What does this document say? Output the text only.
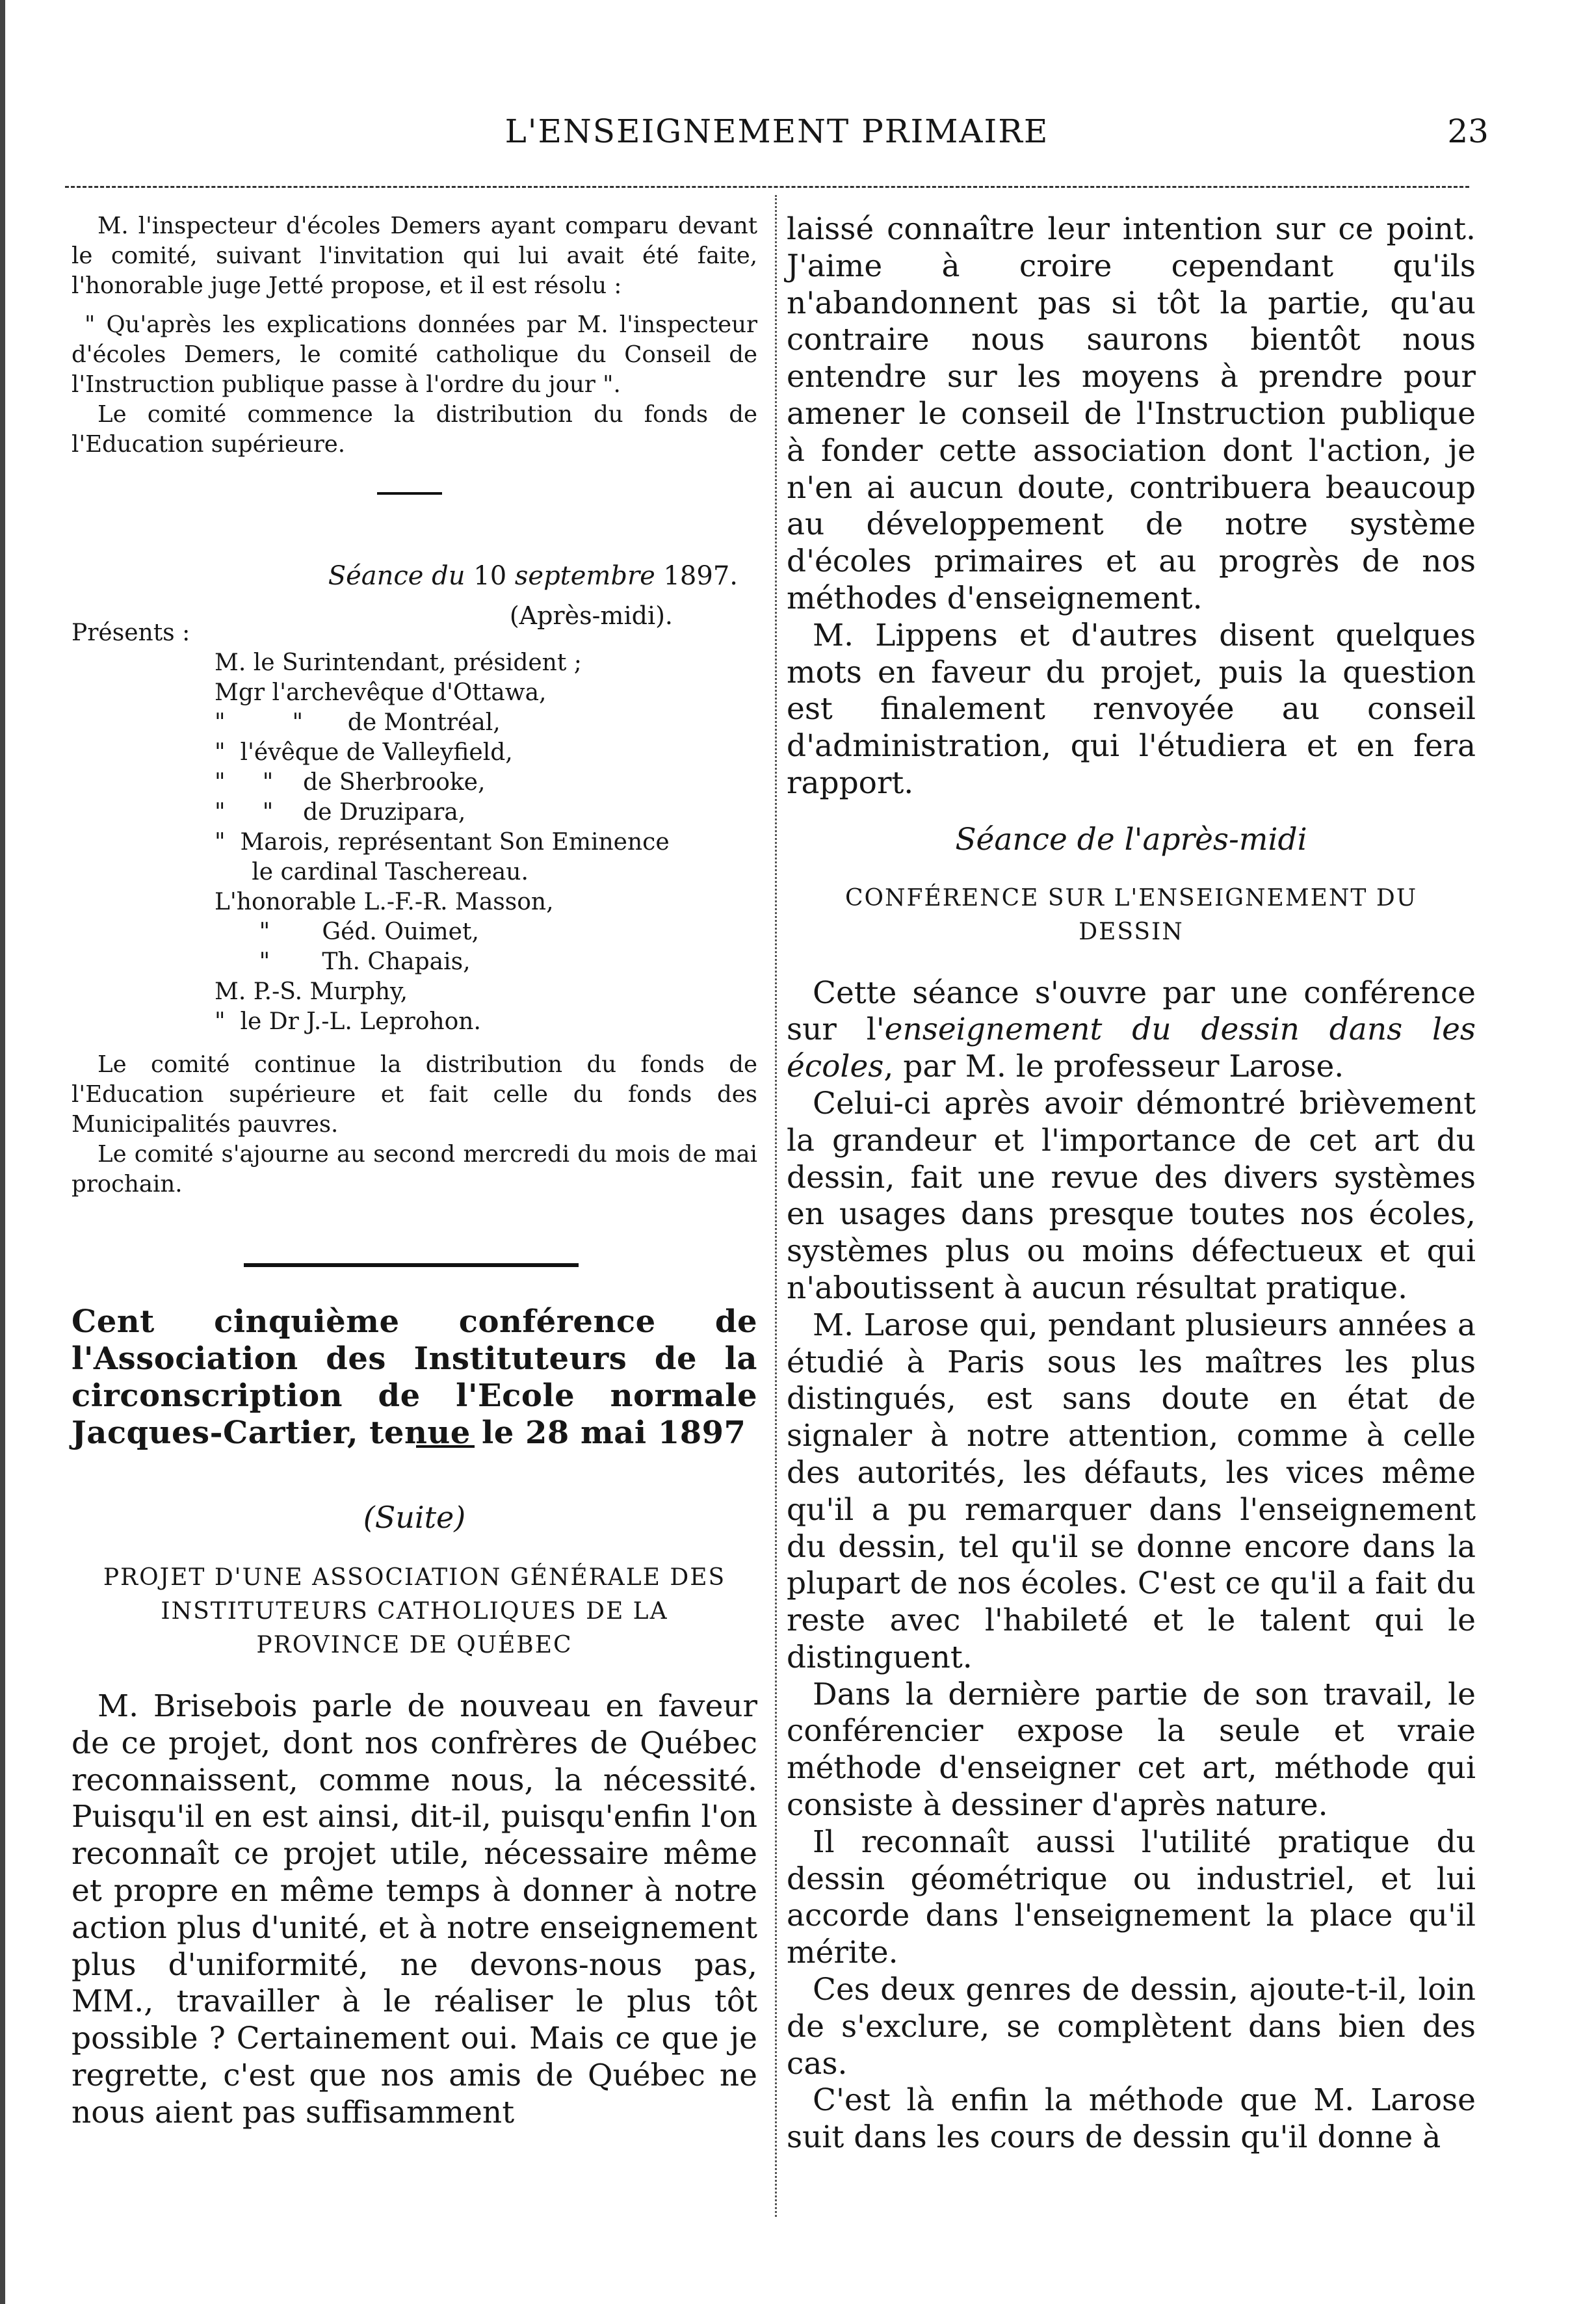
L'ENSEIGNEMENT PRIMAIRE	23

M. l'inspecteur d'écoles Demers ayant comparu devant le comité, suivant l'invitation qui lui avait été faite, l'honorable juge Jetté propose, et il est résolu :

" Qu'après les explications données par M. l'inspecteur d'écoles Demers, le comité catholique du Conseil de l'Instruction publique passe à l'ordre du jour ".

Le comité commence la distribution du fonds de l'Education supérieure.

Séance du 10 septembre 1897.

(Après-midi).

Présents :

M. le Surintendant, président ;
Mgr l'archevêque d'Ottawa,
"         "      de Montréal,
"  l'évêque de Valleyfield,
"     "    de Sherbrooke,
"     "    de Druzipara,
"  Marois, représentant Son Eminence
le cardinal Taschereau.
L'honorable L.-F.-R. Masson,
"       Géd. Ouimet,
"       Th. Chapais,
M. P.-S. Murphy,
"  le Dr J.-L. Leprohon.

Le comité continue la distribution du fonds de l'Education supérieure et fait celle du fonds des Municipalités pauvres.

Le comité s'ajourne au second mercredi du mois de mai prochain.

Cent cinquième conférence de l'Association des Instituteurs de la circonscription de l'Ecole normale Jacques-Cartier, tenue le 28 mai 1897

(Suite)

PROJET D'UNE ASSOCIATION GÉNÉRALE DES
INSTITUTEURS CATHOLIQUES DE LA
PROVINCE DE QUÉBEC

M. Brisebois parle de nouveau en faveur de ce projet, dont nos confrères de Québec reconnaissent, comme nous, la nécessité. Puisqu'il en est ainsi, dit-il, puisqu'enfin l'on reconnaît ce projet utile, nécessaire même et propre en même temps à donner à notre action plus d'unité, et à notre enseignement plus d'uniformité, ne devons-nous pas, MM., travailler à le réaliser le plus tôt possible ? Certainement oui. Mais ce que je regrette, c'est que nos amis de Québec ne nous aient pas suffisamment

laissé connaître leur intention sur ce point. J'aime à croire cependant qu'ils n'abandonnent pas si tôt la partie, qu'au contraire nous saurons bientôt nous entendre sur les moyens à prendre pour amener le conseil de l'Instruction publique à fonder cette association dont l'action, je n'en ai aucun doute, contribuera beaucoup au développement de notre système d'écoles primaires et au progrès de nos méthodes d'enseignement.

M. Lippens et d'autres disent quelques mots en faveur du projet, puis la question est finalement renvoyée au conseil d'administration, qui l'étudiera et en fera rapport.

Séance de l'après-midi

CONFÉRENCE SUR L'ENSEIGNEMENT DU
DESSIN

Cette séance s'ouvre par une conférence sur l'enseignement du dessin dans les écoles, par M. le professeur Larose.

Celui-ci après avoir démontré brièvement la grandeur et l'importance de cet art du dessin, fait une revue des divers systèmes en usages dans presque toutes nos écoles, systèmes plus ou moins défectueux et qui n'aboutissent à aucun résultat pratique.

M. Larose qui, pendant plusieurs années a étudié à Paris sous les maîtres les plus distingués, est sans doute en état de signaler à notre attention, comme à celle des autorités, les défauts, les vices même qu'il a pu remarquer dans l'enseignement du dessin, tel qu'il se donne encore dans la plupart de nos écoles. C'est ce qu'il a fait du reste avec l'habileté et le talent qui le distinguent.

Dans la dernière partie de son travail, le conférencier expose la seule et vraie méthode d'enseigner cet art, méthode qui consiste à dessiner d'après nature.

Il reconnaît aussi l'utilité pratique du dessin géométrique ou industriel, et lui accorde dans l'enseignement la place qu'il mérite.

Ces deux genres de dessin, ajoute-t-il, loin de s'exclure, se complètent dans bien des cas.

C'est là enfin la méthode que M. Larose suit dans les cours de dessin qu'il donne à
